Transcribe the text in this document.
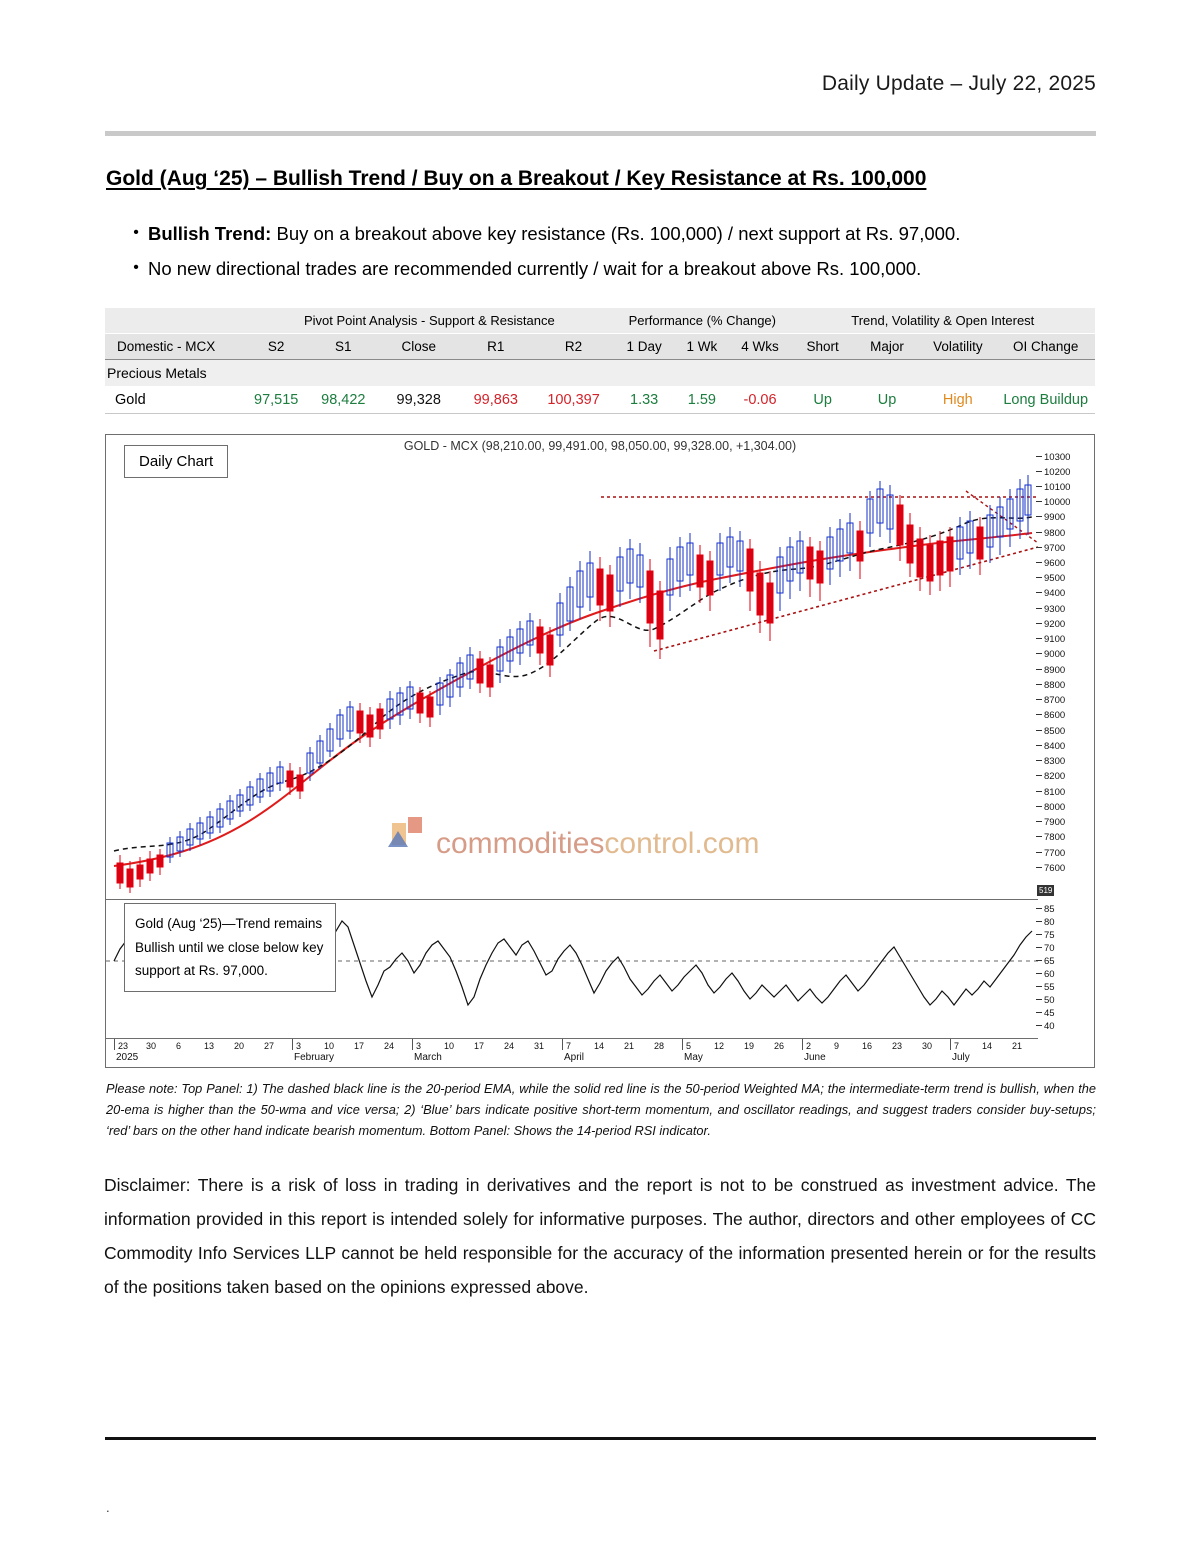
Daily Update – July 22, 2025
Gold (Aug ‘25) – Bullish Trend / Buy on a Breakout / Key Resistance at Rs. 100,000
• Bullish Trend: Buy on a breakout above key resistance (Rs. 100,000) / next support at Rs. 97,000.
• No new directional trades are recommended currently / wait for a breakout above Rs. 100,000.
	Pivot Point Analysis - Support & Resistance					Performance (% Change)			Trend, Volatility & Open Interest			
Domestic - MCX	S2	S1	Close	R1	R2	1 Day	1 Wk	4 Wks	Short	Major	Volatility	OI Change
Precious Metals												
Gold	97,515	98,422	99,328	99,863	100,397	1.33	1.59	-0.06	Up	Up	High	Long Buildup
GOLD - MCX (98,210.00, 99,491.00, 98,050.00, 99,328.00, +1,304.00)
Daily Chart
Gold (Aug ‘25)—Trend remains Bullish until we close below key support at Rs. 97,000.
commoditiescontrol.com
10300
10200
10100
10000
9900
9800
9700
9600
9500
9400
9300
9200
9100
9000
8900
8800
8700
8600
8500
8400
8300
8200
8100
8000
7900
7800
7700
7600
519
85
80
75
70
65
60
55
50
45
40
23 30 6	13 20 27 3	10 17 24 3	10 17 24 31 7	14 21 28 5	12 19 26 2	9	16 23 30 7	14 21
2025	February	March	April	May	June	July
Please note: Top Panel: 1) The dashed black line is the 20-period EMA, while the solid red line is the 50-period Weighted MA; the intermediate-term trend is bullish, when the 20-ema is higher than the 50-wma and vice versa; 2) ‘Blue’ bars indicate positive short-term momentum, and oscillator readings, and suggest traders consider buy-setups; ‘red’ bars on the other hand indicate bearish momentum. Bottom Panel: Shows the 14-period RSI indicator.
Disclaimer: There is a risk of loss in trading in derivatives and the report is not to be construed as investment advice. The information provided in this report is intended solely for informative purposes. The author, directors and other employees of CC Commodity Info Services LLP cannot be held responsible for the accuracy of the information presented herein or for the results of the positions taken based on the opinions expressed above.
.
